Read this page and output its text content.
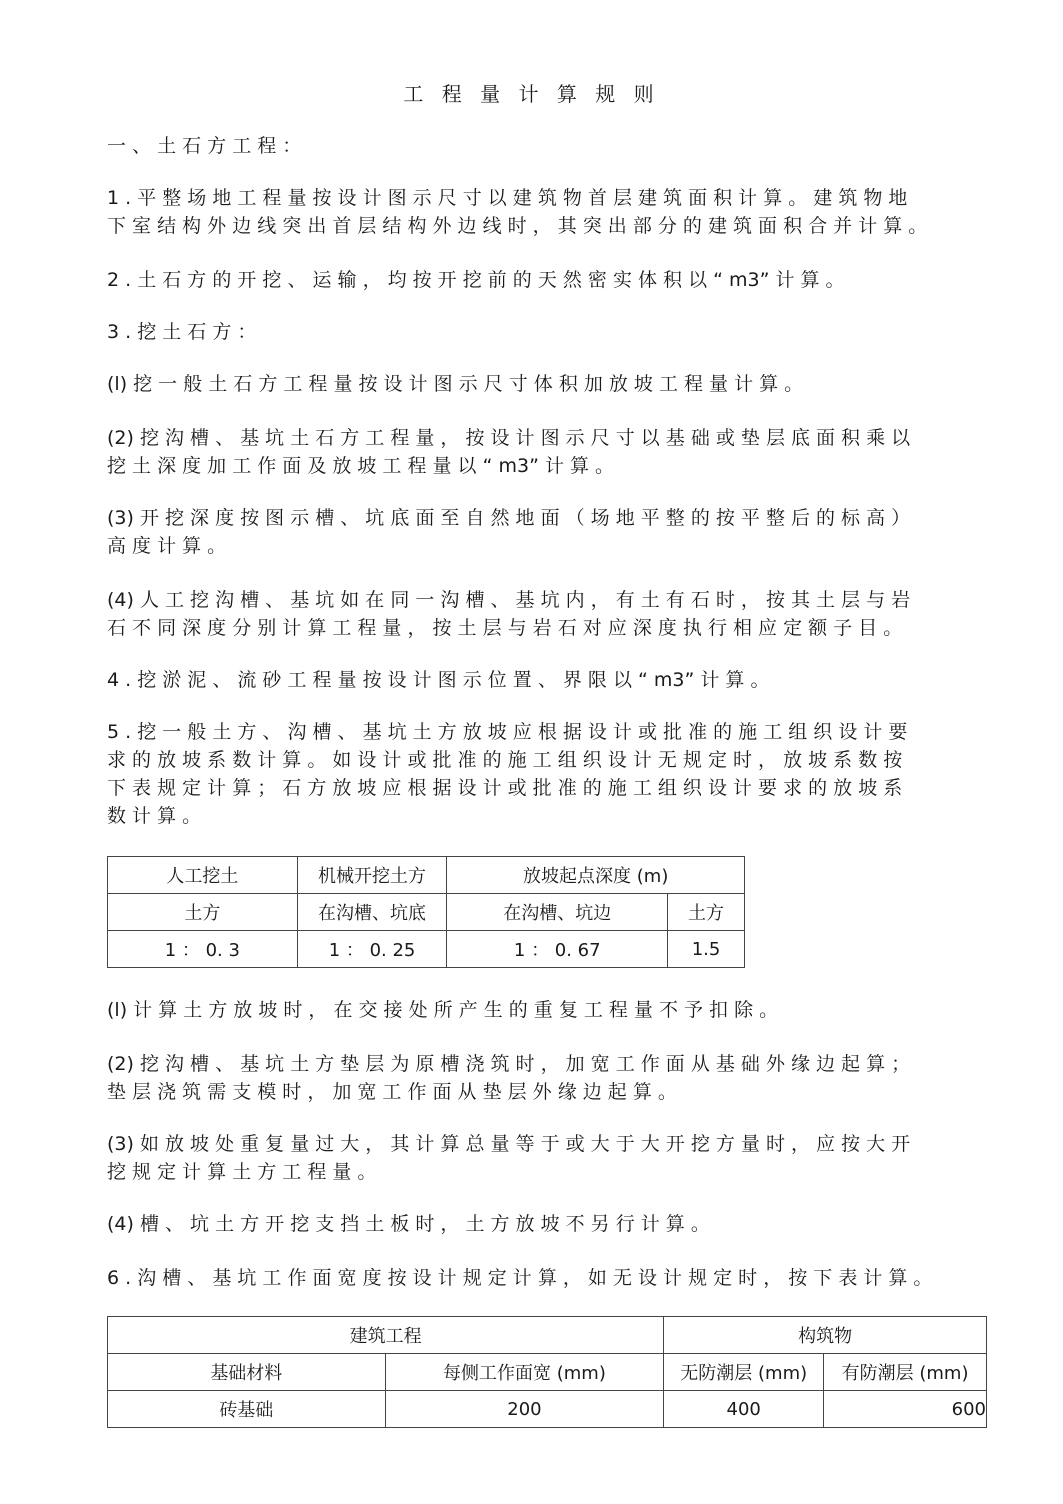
工 程 量 计 算 规 则

一 、 土 石 方 工 程 ：

1 . 平 整 场 地 工 程 量 按 设 计 图 示 尺 寸 以 建 筑 物 首 层 建 筑 面 积 计 算 。 建 筑 物 地

下 室 结 构 外 边 线 突 出 首 层 结 构 外 边 线 时 ， 其 突 出 部 分 的 建 筑 面 积 合 并 计 算 。

2 . 土 石 方 的 开 挖 、 运 输 ， 均 按 开 挖 前 的 天 然 密 实 体 积 以 “ m3” 计 算 。

3 . 挖 土 石 方 ：

(l) 挖 一 般 土 石 方 工 程 量 按 设 计 图 示 尺 寸 体 积 加 放 坡 工 程 量 计 算 。

(2) 挖 沟 槽 、 基 坑 土 石 方 工 程 量 ， 按 设 计 图 示 尺 寸 以 基 础 或 垫 层 底 面 积 乘 以

挖 土 深 度 加 工 作 面 及 放 坡 工 程 量 以 “ m3” 计 算 。

(3) 开 挖 深 度 按 图 示 槽 、 坑 底 面 至 自 然 地 面 （ 场 地 平 整 的 按 平 整 后 的 标 高 ）

高 度 计 算 。

(4) 人 工 挖 沟 槽 、 基 坑 如 在 同 一 沟 槽 、 基 坑 内 ， 有 土 有 石 时 ， 按 其 土 层 与 岩

石 不 同 深 度 分 别 计 算 工 程 量 ， 按 土 层 与 岩 石 对 应 深 度 执 行 相 应 定 额 子 目 。

4 . 挖 淤 泥 、 流 砂 工 程 量 按 设 计 图 示 位 置 、 界 限 以 “ m3” 计 算 。

5 . 挖 一 般 土 方 、 沟 槽 、 基 坑 土 方 放 坡 应 根 据 设 计 或 批 准 的 施 工 组 织 设 计 要

求 的 放 坡 系 数 计 算 。 如 设 计 或 批 准 的 施 工 组 织 设 计 无 规 定 时 ， 放 坡 系 数 按

下 表 规 定 计 算 ； 石 方 放 坡 应 根 据 设 计 或 批 准 的 施 工 组 织 设 计 要 求 的 放 坡 系

数 计 算 。

人工挖土	机械开挖土方	放坡起点深度 (m)	
土方	在沟槽、坑底	在沟槽、坑边	土方
1 ： 0. 3	1 ： 0. 25	1 ： 0. 67	1.5

(l) 计 算 土 方 放 坡 时 ， 在 交 接 处 所 产 生 的 重 复 工 程 量 不 予 扣 除 。

(2) 挖 沟 槽 、 基 坑 土 方 垫 层 为 原 槽 浇 筑 时 ， 加 宽 工 作 面 从 基 础 外 缘 边 起 算 ；

垫 层 浇 筑 需 支 模 时 ， 加 宽 工 作 面 从 垫 层 外 缘 边 起 算 。

(3) 如 放 坡 处 重 复 量 过 大 ， 其 计 算 总 量 等 于 或 大 于 大 开 挖 方 量 时 ， 应 按 大 开

挖 规 定 计 算 土 方 工 程 量 。

(4) 槽 、 坑 土 方 开 挖 支 挡 土 板 时 ， 土 方 放 坡 不 另 行 计 算 。

6 . 沟 槽 、 基 坑 工 作 面 宽 度 按 设 计 规 定 计 算 ， 如 无 设 计 规 定 时 ， 按 下 表 计 算 。

建筑工程		构筑物	
基础材料	每侧工作面宽 (mm)	无防潮层 (mm)	有防潮层 (mm)
砖基础	200	400	600
